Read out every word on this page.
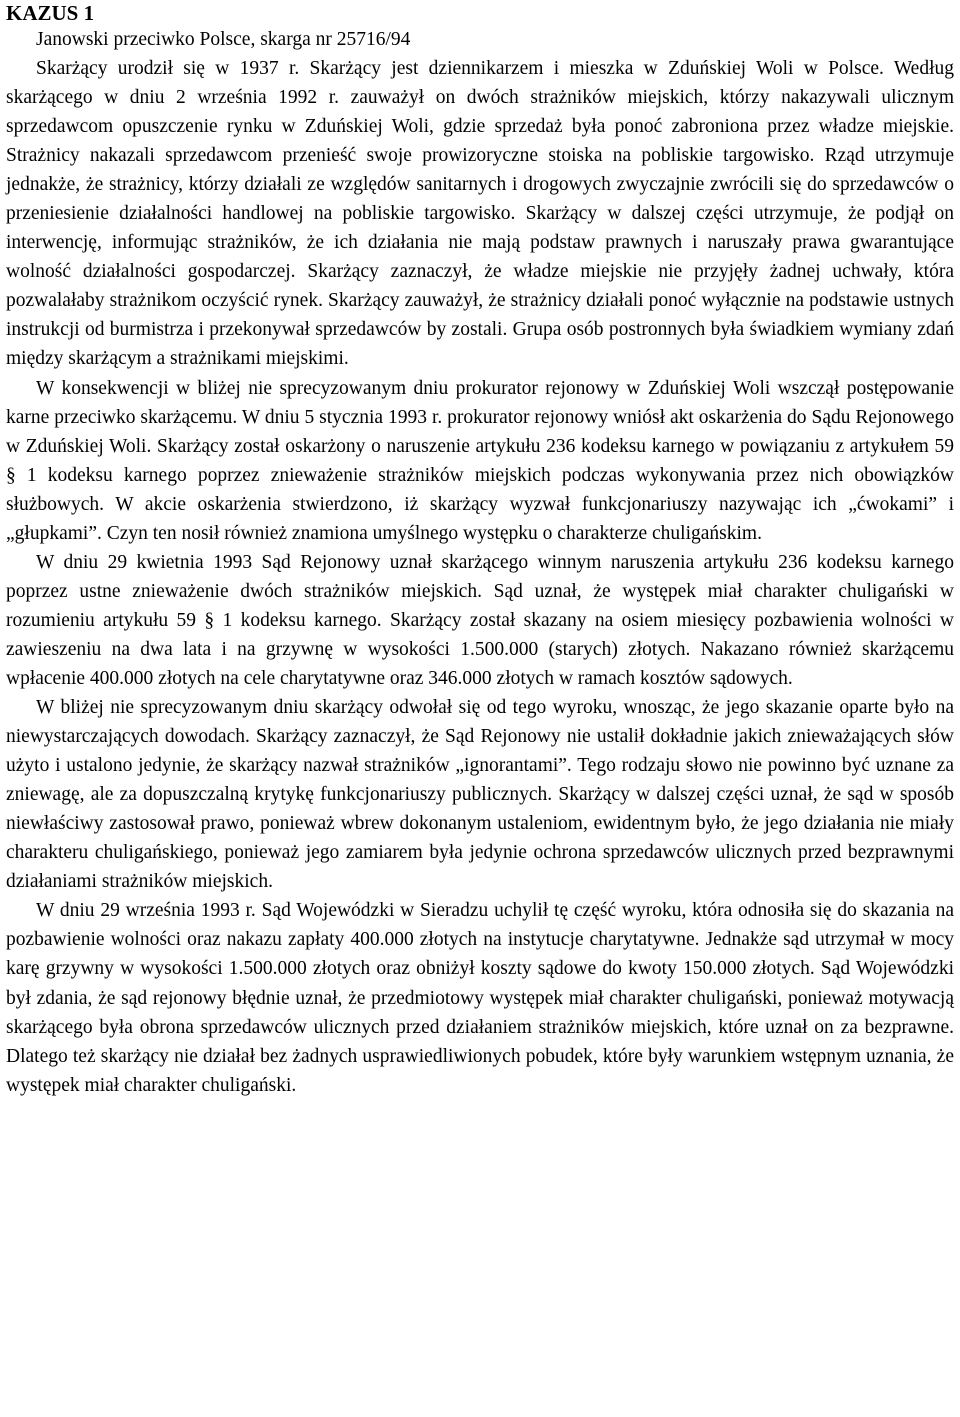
KAZUS 1
Janowski przeciwko Polsce, skarga nr 25716/94

Skarżący urodził się w 1937 r. Skarżący jest dziennikarzem i mieszka w Zduńskiej Woli w Polsce. Według skarżącego w dniu 2 września 1992 r. zauważył on dwóch strażników miejskich, którzy nakazywali ulicznym sprzedawcom opuszczenie rynku w Zduńskiej Woli, gdzie sprzedaż była ponoć zabroniona przez władze miejskie. Strażnicy nakazali sprzedawcom przenieść swoje prowizoryczne stoiska na pobliskie targowisko. Rząd utrzymuje jednakże, że strażnicy, którzy działali ze względów sanitarnych i drogowych zwyczajnie zwrócili się do sprzedawców o przeniesienie działalności handlowej na pobliskie targowisko. Skarżący w dalszej części utrzymuje, że podjął on interwencję, informując strażników, że ich działania nie mają podstaw prawnych i naruszały prawa gwarantujące wolność działalności gospodarczej. Skarżący zaznaczył, że władze miejskie nie przyjęły żadnej uchwały, która pozwalałaby strażnikom oczyścić rynek. Skarżący zauważył, że strażnicy działali ponoć wyłącznie na podstawie ustnych instrukcji od burmistrza i przekonywał sprzedawców by zostali. Grupa osób postronnych była świadkiem wymiany zdań między skarżącym a strażnikami miejskimi.

W konsekwencji w bliżej nie sprecyzowanym dniu prokurator rejonowy w Zduńskiej Woli wszczął postępowanie karne przeciwko skarżącemu. W dniu 5 stycznia 1993 r. prokurator rejonowy wniósł akt oskarżenia do Sądu Rejonowego w Zduńskiej Woli. Skarżący został oskarżony o naruszenie artykułu 236 kodeksu karnego w powiązaniu z artykułem 59 § 1 kodeksu karnego poprzez znieważenie strażników miejskich podczas wykonywania przez nich obowiązków służbowych. W akcie oskarżenia stwierdzono, iż skarżący wyzwał funkcjonariuszy nazywając ich „ćwokami” i „głupkami”. Czyn ten nosił również znamiona umyślnego występku o charakterze chuligańskim.

W dniu 29 kwietnia 1993 Sąd Rejonowy uznał skarżącego winnym naruszenia artykułu 236 kodeksu karnego poprzez ustne znieważenie dwóch strażników miejskich. Sąd uznał, że występek miał charakter chuligański w rozumieniu artykułu 59 § 1 kodeksu karnego. Skarżący został skazany na osiem miesięcy pozbawienia wolności w zawieszeniu na dwa lata i na grzywnę w wysokości 1.500.000 (starych) złotych. Nakazano również skarżącemu wpłacenie 400.000 złotych na cele charytatywne oraz 346.000 złotych w ramach kosztów sądowych.

W bliżej nie sprecyzowanym dniu skarżący odwołał się od tego wyroku, wnosząc, że jego skazanie oparte było na niewystarczających dowodach. Skarżący zaznaczył, że Sąd Rejonowy nie ustalił dokładnie jakich znieważających słów użyto i ustalono jedynie, że skarżący nazwał strażników „ignorantami”. Tego rodzaju słowo nie powinno być uznane za zniewagę, ale za dopuszczalną krytykę funkcjonariuszy publicznych. Skarżący w dalszej części uznał, że sąd w sposób niewłaściwy zastosował prawo, ponieważ wbrew dokonanym ustaleniom, ewidentnym było, że jego działania nie miały charakteru chuligańskiego, ponieważ jego zamiarem była jedynie ochrona sprzedawców ulicznych przed bezprawnymi działaniami strażników miejskich.

W dniu 29 września 1993 r. Sąd Wojewódzki w Sieradzu uchylił tę część wyroku, która odnosiła się do skazania na pozbawienie wolności oraz nakazu zapłaty 400.000 złotych na instytucje charytatywne. Jednakże sąd utrzymał w mocy karę grzywny w wysokości 1.500.000 złotych oraz obniżył koszty sądowe do kwoty 150.000 złotych. Sąd Wojewódzki był zdania, że sąd rejonowy błędnie uznał, że przedmiotowy występek miał charakter chuligański, ponieważ motywacją skarżącego była obrona sprzedawców ulicznych przed działaniem strażników miejskich, które uznał on za bezprawne. Dlatego też skarżący nie działał bez żadnych usprawiedliwionych pobudek, które były warunkiem wstępnym uznania, że występek miał charakter chuligański.
